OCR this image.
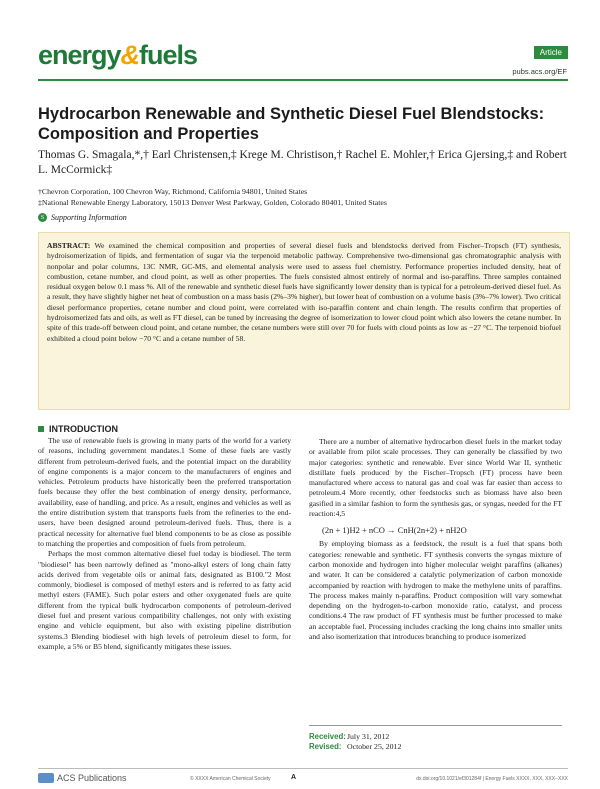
energy&fuels	Article
pubs.acs.org/EF
Hydrocarbon Renewable and Synthetic Diesel Fuel Blendstocks: Composition and Properties
Thomas G. Smagala,*,† Earl Christensen,‡ Krege M. Christison,† Rachel E. Mohler,† Erica Gjersing,‡ and Robert L. McCormick‡
†Chevron Corporation, 100 Chevron Way, Richmond, California 94801, United States
‡National Renewable Energy Laboratory, 15013 Denver West Parkway, Golden, Colorado 80401, United States
S Supporting Information
ABSTRACT: We examined the chemical composition and properties of several diesel fuels and blendstocks derived from Fischer–Tropsch (FT) synthesis, hydroisomerization of lipids, and fermentation of sugar via the terpenoid metabolic pathway. Comprehensive two-dimensional gas chromatographic analysis with nonpolar and polar columns, 13C NMR, GC-MS, and elemental analysis were used to assess fuel chemistry. Performance properties included density, heat of combustion, cetane number, and cloud point, as well as other properties. The fuels consisted almost entirely of normal and iso-paraffins. Three samples contained residual oxygen below 0.1 mass %. All of the renewable and synthetic diesel fuels have significantly lower density than is typical for a petroleum-derived diesel fuel. As a result, they have slightly higher net heat of combustion on a mass basis (2%–3% higher), but lower heat of combustion on a volume basis (3%–7% lower). Two critical diesel performance properties, cetane number and cloud point, were correlated with iso-paraffin content and chain length. The results confirm that properties of hydroisomerized fats and oils, as well as FT diesel, can be tuned by increasing the degree of isomerization to lower cloud point which also lowers the cetane number. In spite of this trade-off between cloud point, and cetane number, the cetane numbers were still over 70 for fuels with cloud points as low as −27 °C. The terpenoid biofuel exhibited a cloud point below −70 °C and a cetane number of 58.
INTRODUCTION

The use of renewable fuels is growing in many parts of the world for a variety of reasons, including government mandates.1 Some of these fuels are vastly different from petroleum-derived fuels, and the potential impact on the durability of engine components is a major concern to the manufacturers of engines and vehicles. Petroleum products have historically been the preferred transportation fuels because they offer the best combination of energy density, performance, availability, ease of handling, and price. As a result, engines and vehicles as well as the entire distribution system that transports fuels from the refineries to the end-users, have been designed around petroleum-derived fuels. Thus, there is a practical necessity for alternative fuel blend components to be as close as possible to matching the properties and composition of fuels from petroleum.

Perhaps the most common alternative diesel fuel today is biodiesel. The term "biodiesel" has been narrowly defined as "mono-alkyl esters of long chain fatty acids derived from vegetable oils or animal fats, designated as B100."2 Most commonly, biodiesel is composed of methyl esters and is referred to as fatty acid methyl esters (FAME). Such polar esters and other oxygenated fuels are quite different from the typical bulk hydrocarbon components of petroleum-derived diesel fuel and present various compatibility challenges, not only with existing engine and vehicle equipment, but also with existing pipeline distribution systems.3 Blending biodiesel with high levels of petroleum diesel to form, for example, a 5% or B5 blend, significantly mitigates these issues.

There are a number of alternative hydrocarbon diesel fuels in the market today or available from pilot scale processes. They can generally be classified by two major categories: synthetic and renewable. Ever since World War II, synthetic distillate fuels produced by the Fischer–Tropsch (FT) process have been manufactured where access to natural gas and coal was far easier than access to petroleum.4 More recently, other feedstocks such as biomass have also been gasified in a similar fashion to form the synthesis gas, or syngas, needed for the FT reaction:4,5

By employing biomass as a feedstock, the result is a fuel that spans both categories: renewable and synthetic. FT synthesis converts the syngas mixture of carbon monoxide and hydrogen into higher molecular weight paraffins (alkanes) and water. It can be considered a catalytic polymerization of carbon monoxide accompanied by reaction with hydrogen to make the methylene units of paraffins. The process makes mainly n-paraffins. Product composition will vary somewhat depending on the hydrogen-to-carbon monoxide ratio, catalyst, and process conditions.4 The raw product of FT synthesis must be further processed to make an acceptable fuel. Processing includes cracking the long chains into smaller units and also isomerization that introduces branching to produce isomerized

(2n + 1)H2 + nCO → CnH(2n+2) + nH2O
Received:July 31, 2012
Revised: October 25, 2012
ACS Publications	© XXXX American Chemical Society	A	dx.doi.org/10.1021/ef301284f | Energy Fuels XXXX, XXX, XXX−XXX
